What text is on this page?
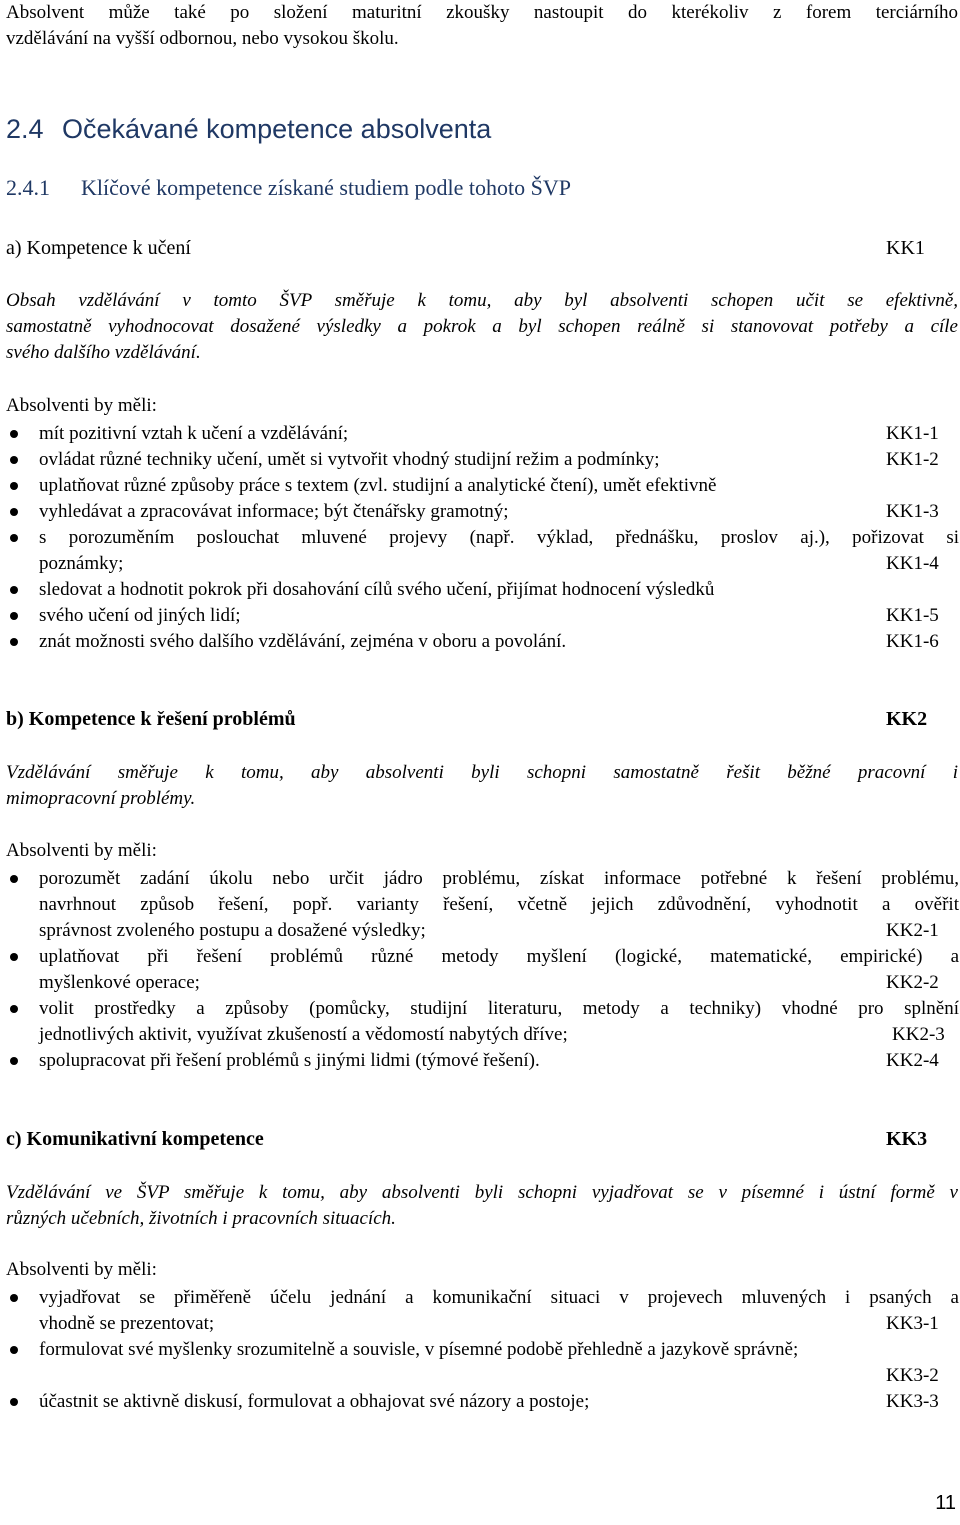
Absolvent může také po složení maturitní zkoušky nastoupit do kterékoliv z forem terciárního
vzdělávání na vyšší odbornou, nebo vysokou školu.
2.4 Očekávané kompetence absolventa
2.4.1 Klíčové kompetence získané studiem podle tohoto ŠVP
a) Kompetence k učení	KK1
Obsah vzdělávání v tomto ŠVP směřuje k tomu, aby byl absolventi schopen učit se efektivně,
samostatně vyhodnocovat dosažené výsledky a pokrok a byl schopen reálně si stanovovat potřeby a cíle
svého dalšího vzdělávání.
Absolventi by měli:
mít pozitivní vztah k učení a vzdělávání;	KK1-1
ovládat různé techniky učení, umět si vytvořit vhodný studijní režim a podmínky;	KK1-2
uplatňovat různé způsoby práce s textem (zvl. studijní a analytické čtení), umět efektivně
vyhledávat a zpracovávat informace; být čtenářsky gramotný;	KK1-3
s porozuměním poslouchat mluvené projevy (např. výklad, přednášku, proslov aj.), pořizovat si
poznámky;	KK1-4
sledovat a hodnotit pokrok při dosahování cílů svého učení, přijímat hodnocení výsledků
svého učení od jiných lidí;	KK1-5
znát možnosti svého dalšího vzdělávání, zejména v oboru a povolání.	KK1-6
b) Kompetence k řešení problémů	KK2
Vzdělávání směřuje k tomu, aby absolventi byli schopni samostatně řešit běžné pracovní i
mimopracovní problémy.
Absolventi by měli:
porozumět zadání úkolu nebo určit jádro problému, získat informace potřebné k řešení problému,
navrhnout způsob řešení, popř. varianty řešení, včetně jejich zdůvodnění, vyhodnotit a ověřit
správnost zvoleného postupu a dosažené výsledky;	KK2-1
uplatňovat při řešení problémů různé metody myšlení (logické, matematické, empirické) a
myšlenkové operace;	KK2-2
volit prostředky a způsoby (pomůcky, studijní literaturu, metody a techniky) vhodné pro splnění
jednotlivých aktivit, využívat zkušeností a vědomostí nabytých dříve;	KK2-3
spolupracovat při řešení problémů s jinými lidmi (týmové řešení).	KK2-4
c) Komunikativní kompetence	KK3
Vzdělávání ve ŠVP směřuje k tomu, aby absolventi byli schopni vyjadřovat se v písemné i ústní formě v
různých učebních, životních i pracovních situacích.
Absolventi by měli:
vyjadřovat se přiměřeně účelu jednání a komunikační situaci v projevech mluvených i psaných a
vhodně se prezentovat;	KK3-1
formulovat své myšlenky srozumitelně a souvisle, v písemné podobě přehledně a jazykově správně;
KK3-2
účastnit se aktivně diskusí, formulovat a obhajovat své názory a postoje;	KK3-3
11
